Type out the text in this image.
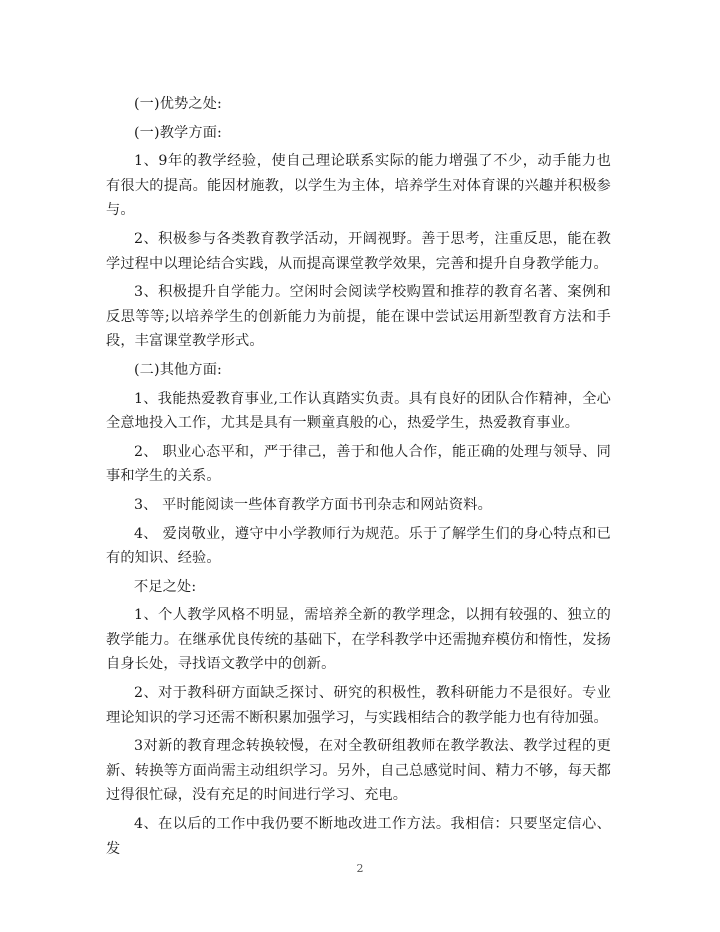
(一)优势之处:

(一)教学方面:

1、9年的教学经验，使自己理论联系实际的能力增强了不少，动手能力也有很大的提高。能因材施教，以学生为主体，培养学生对体育课的兴趣并积极参与。

2、积极参与各类教育教学活动，开阔视野。善于思考，注重反思，能在教学过程中以理论结合实践，从而提高课堂教学效果，完善和提升自身教学能力。

3、积极提升自学能力。空闲时会阅读学校购置和推荐的教育名著、案例和反思等等;以培养学生的创新能力为前提，能在课中尝试运用新型教育方法和手段，丰富课堂教学形式。

(二)其他方面:

1、我能热爱教育事业,工作认真踏实负责。具有良好的团队合作精神，全心全意地投入工作，尤其是具有一颗童真般的心，热爱学生，热爱教育事业。

2、 职业心态平和，严于律己，善于和他人合作，能正确的处理与领导、同事和学生的关系。

3、 平时能阅读一些体育教学方面书刊杂志和网站资料。

4、 爱岗敬业，遵守中小学教师行为规范。乐于了解学生们的身心特点和已有的知识、经验。

不足之处:

1、个人教学风格不明显，需培养全新的教学理念，以拥有较强的、独立的教学能力。在继承优良传统的基础下，在学科教学中还需抛弃模仿和惰性，发扬自身长处，寻找语文教学中的创新。

2、对于教科研方面缺乏探讨、研究的积极性，教科研能力不是很好。专业理论知识的学习还需不断积累加强学习，与实践相结合的教学能力也有待加强。

3对新的教育理念转换较慢，在对全教研组教师在教学教法、教学过程的更新、转换等方面尚需主动组织学习。另外，自己总感觉时间、精力不够，每天都过得很忙碌，没有充足的时间进行学习、充电。

4、在以后的工作中我仍要不断地改进工作方法。我相信：只要坚定信心、发

2
